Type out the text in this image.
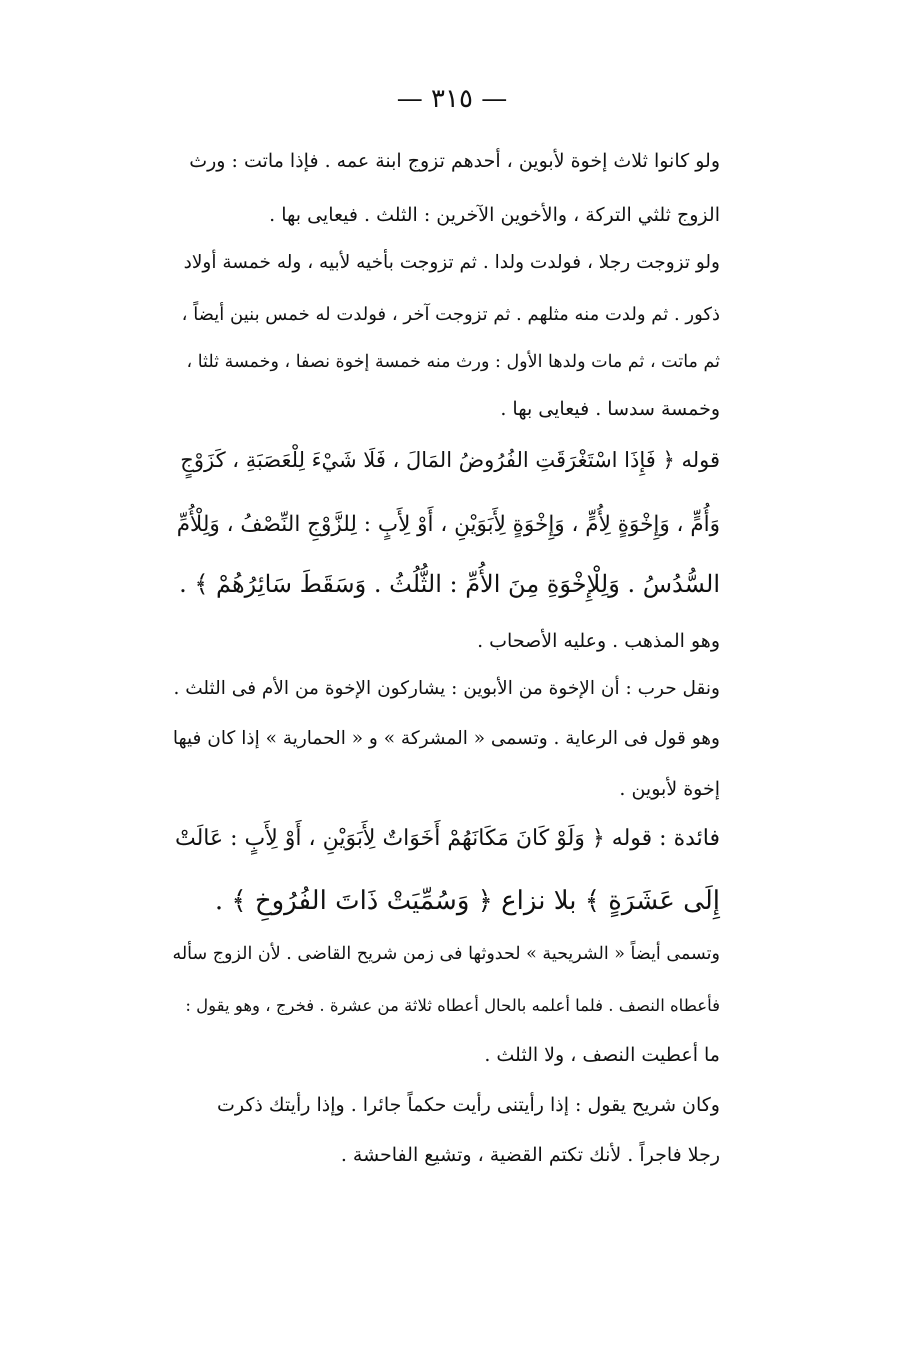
— ٣١٥ —
ولو كانوا ثلاث إخوة لأبوين ، أحدهم تزوج ابنة عمه . فإذا ماتت : ورث
الزوج ثلثي التركة ، والأخوين الآخرين : الثلث . فيعايى بها .
ولو تزوجت رجلا ، فولدت ولدا . ثم تزوجت بأخيه لأبيه ، وله خمسة أولاد
ذكور . ثم ولدت منه مثلهم . ثم تزوجت آخر ، فولدت له خمس بنين أيضاً ،
ثم ماتت ، ثم مات ولدها الأول : ورث منه خمسة إخوة نصفا ، وخمسة ثلثا ،
وخمسة سدسا . فيعايى بها .
قوله ﴿ فَإِذَا اسْتَغْرَقَتِ الفُرُوضُ المَالَ ، فَلَا شَيْءَ لِلْعَصَبَةِ ، كَزَوْجٍ
وَأُمٍّ ، وَإِخْوَةٍ لِأُمٍّ ، وَإِخْوَةٍ لِأَبَوَيْنِ ، أَوْ لِأَبٍ : لِلزَّوْجِ النِّصْفُ ، وَلِلْأُمِّ
السُّدُسُ . وَلِلْإِخْوَةِ مِنَ الأُمِّ : الثُّلُثُ . وَسَقَطَ سَائِرُهُمْ ﴾ .
وهو المذهب . وعليه الأصحاب .
ونقل حرب : أن الإخوة من الأبوين : يشاركون الإخوة من الأم فى الثلث .
وهو قول فى الرعاية . وتسمى « المشركة » و « الحمارية » إذا كان فيها
إخوة لأبوين .
فائدة : قوله ﴿ وَلَوْ كَانَ مَكَانَهُمْ أَخَوَاتٌ لِأَبَوَيْنِ ، أَوْ لِأَبٍ : عَالَتْ
إِلَى عَشَرَةٍ ﴾ بلا نزاع ﴿ وَسُمِّيَتْ ذَاتَ الفُرُوخِ ﴾ .
وتسمى أيضاً « الشريحية » لحدوثها فى زمن شريح القاضى . لأن الزوج سأله
فأعطاه النصف . فلما أعلمه بالحال أعطاه ثلاثة من عشرة . فخرج ، وهو يقول :
ما أعطيت النصف ، ولا الثلث .
وكان شريح يقول : إذا رأيتنى رأيت حكماً جائرا . وإذا رأيتك ذكرت
رجلا فاجراً . لأنك تكتم القضية ، وتشيع الفاحشة .
